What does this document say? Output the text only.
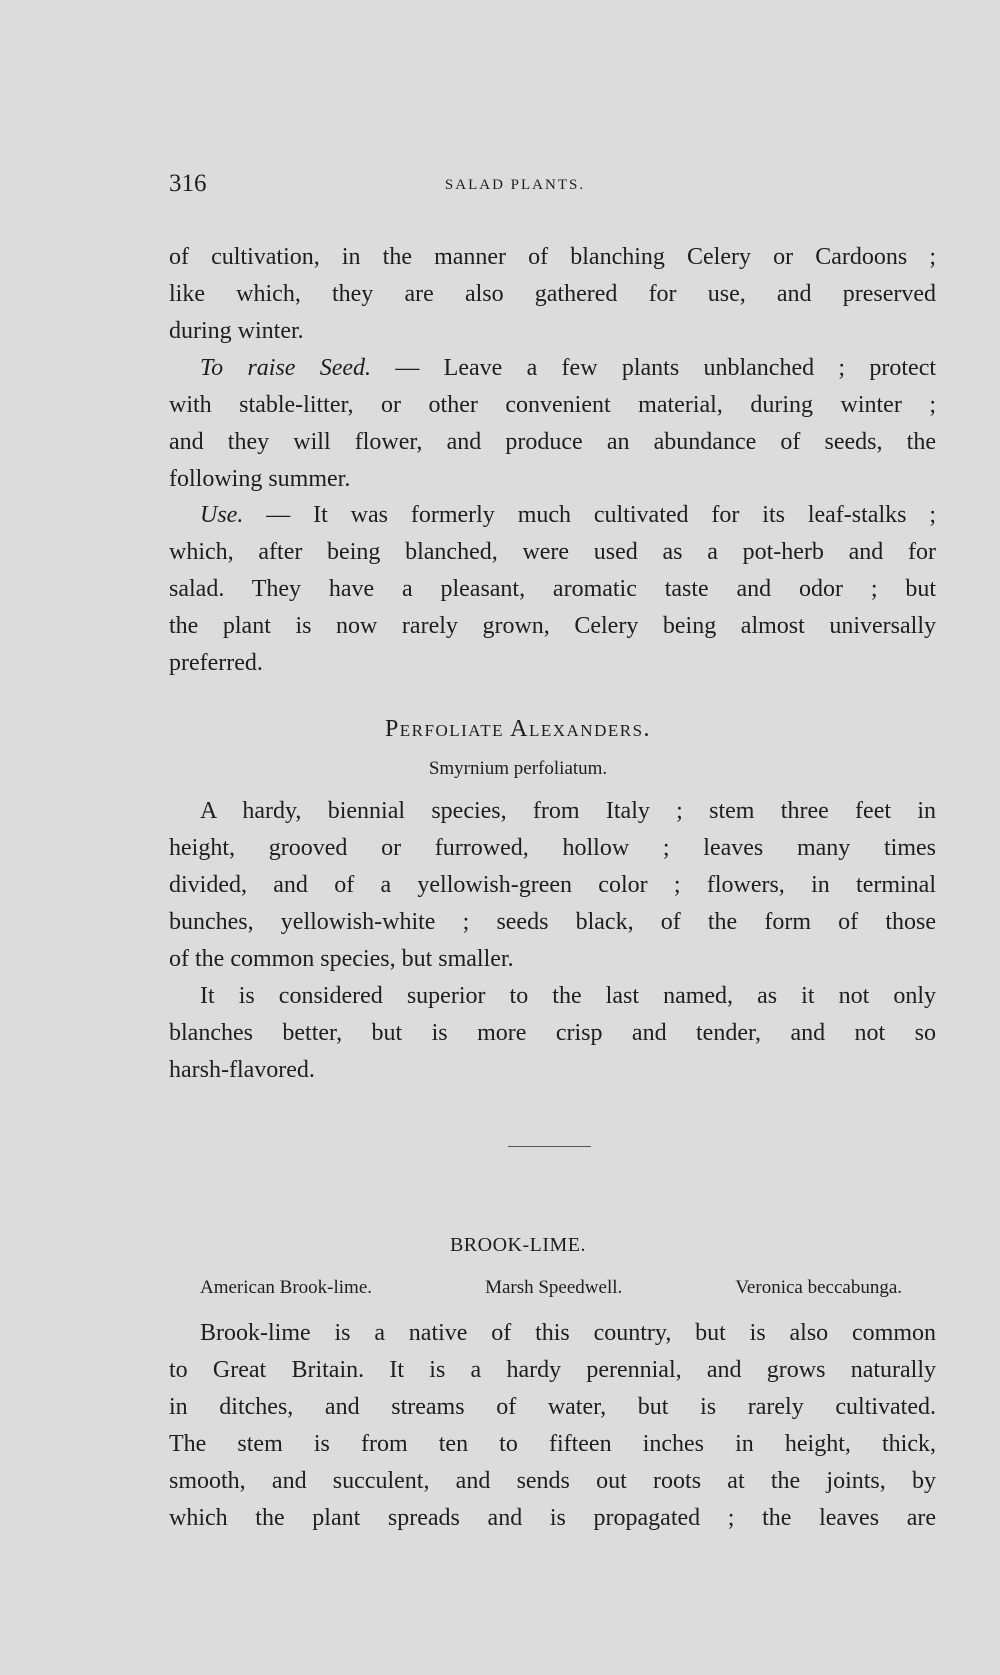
316	SALAD PLANTS.
of cultivation, in the manner of blanching Celery or Cardoons ;
like which, they are also gathered for use, and preserved
during winter.
To raise Seed. — Leave a few plants unblanched ; protect
with stable-litter, or other convenient material, during winter ;
and they will flower, and produce an abundance of seeds, the
following summer.
Use. — It was formerly much cultivated for its leaf-stalks ;
which, after being blanched, were used as a pot-herb and for
salad. They have a pleasant, aromatic taste and odor ; but
the plant is now rarely grown, Celery being almost universally
preferred.
Perfoliate Alexanders.
Smyrnium perfoliatum.
A hardy, biennial species, from Italy ; stem three feet in
height, grooved or furrowed, hollow ; leaves many times
divided, and of a yellowish-green color ; flowers, in terminal
bunches, yellowish-white ; seeds black, of the form of those
of the common species, but smaller.
It is considered superior to the last named, as it not only
blanches better, but is more crisp and tender, and not so
harsh-flavored.
BROOK-LIME.
American Brook-lime.	Marsh Speedwell.	Veronica beccabunga.
Brook-lime is a native of this country, but is also common
to Great Britain. It is a hardy perennial, and grows naturally
in ditches, and streams of water, but is rarely cultivated.
The stem is from ten to fifteen inches in height, thick,
smooth, and succulent, and sends out roots at the joints, by
which the plant spreads and is propagated ; the leaves are
